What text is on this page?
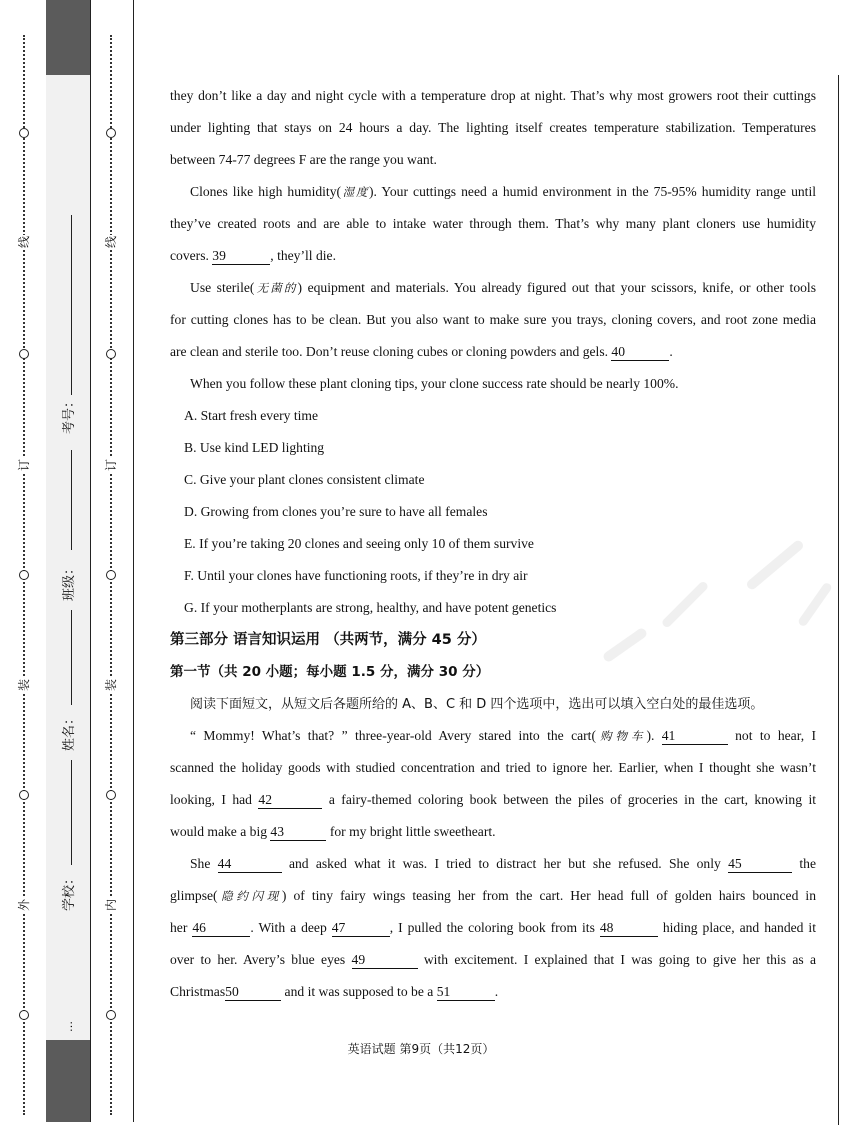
线
订
装
外
线
订
装
内
考号：
班级：
姓名：
学校：
…
they don’t like a day and night cycle with a temperature drop at night. That’s why most growers root their cuttings
under lighting that stays on 24 hours a day. The lighting itself creates temperature stabilization. Temperatures
between 74-77 degrees F are the range you want.
Clones like high humidity(湿度). Your cuttings need a humid environment in the 75-95% humidity range until
they’ve created roots and are able to intake water through them. That’s why many plant cloners use humidity
covers. 39	, they’ll die.
Use sterile(无菌的) equipment and materials. You already figured out that your scissors, knife, or other tools
for cutting clones has to be clean. But you also want to make sure you trays, cloning covers, and root zone media
are clean and sterile too. Don’t reuse cloning cubes or cloning powders and gels. 40	.
When you follow these plant cloning tips, your clone success rate should be nearly 100%.
A. Start fresh every time
B. Use kind LED lighting
C. Give your plant clones consistent climate
D. Growing from clones you’re sure to have all females
E. If you’re taking 20 clones and seeing only 10 of them survive
F. Until your clones have functioning roots, if they’re in dry air
G. If your motherplants are strong, healthy, and have potent genetics
第三部分 语言知识运用 （共两节，满分 45 分）
第一节（共 20 小题；每小题 1.5 分，满分 30 分）
阅读下面短文，从短文后各题所给的 A、B、C 和 D 四个选项中，选出可以填入空白处的最佳选项。
“ Mommy! What’s that? ” three-year-old Avery stared into the cart(购物车). 41	not to hear, I
scanned the holiday goods with studied concentration and tried to ignore her. Earlier, when I thought she wasn’t
looking, I had 42	a fairy-themed coloring book between the piles of groceries in the cart, knowing it
would make a big 43	for my bright little sweetheart.
She 44	and asked what it was. I tried to distract her but she refused. She only 45	the
glimpse(隐约闪现) of tiny fairy wings teasing her from the cart. Her head full of golden hairs bounced in
her 46	. With a deep 47	, I pulled the coloring book from its 48	hiding place, and handed it
over to her. Avery’s blue eyes 49	with excitement. I explained that I was going to give her this as a
Christmas50	and it was supposed to be a 51	.
英语试题 第9页（共12页）
